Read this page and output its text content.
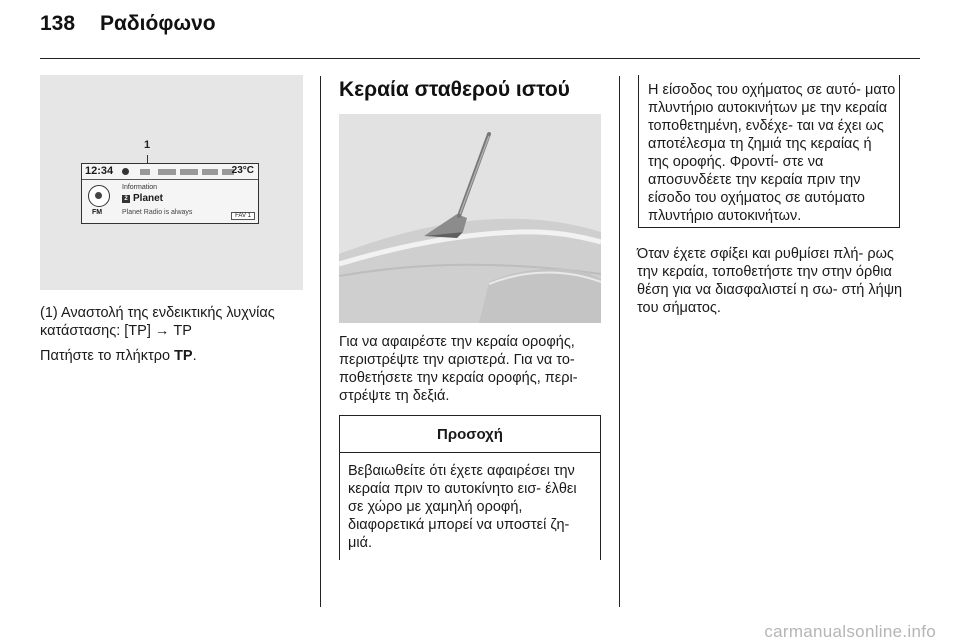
138 Ραδιόφωνο
1
12:34	23°C
FM
Information
2 Planet
Planet Radio is always	FAV 1

(1) Αναστολή της ενδεικτικής λυχνίας κατάστασης: [TP] → TP

Πατήστε το πλήκτρο TP.

Κεραία σταθερού ιστού
Για να αφαιρέστε την κεραία οροφής, περιστρέψτε την αριστερά. Για να το- ποθετήσετε την κεραία οροφής, περι- στρέψτε τη δεξιά.
Προσοχή
Βεβαιωθείτε ότι έχετε αφαιρέσει την κεραία πριν το αυτοκίνητο εισ- έλθει σε χώρο με χαμηλή οροφή, διαφορετικά μπορεί να υποστεί ζη- μιά.
Η είσοδος του οχήματος σε αυτό- ματο πλυντήριο αυτοκινήτων με την κεραία τοποθετημένη, ενδέχε- ται να έχει ως αποτέλεσμα τη ζημιά της κεραίας ή της οροφής. Φροντί- στε να αποσυνδέετε την κεραία πριν την είσοδο του οχήματος σε αυτόματο πλυντήριο αυτοκινήτων.
Όταν έχετε σφίξει και ρυθμίσει πλή- ρως την κεραία, τοποθετήστε την στην όρθια θέση για να διασφαλιστεί η σω- στή λήψη του σήματος.
carmanualsonline.info
